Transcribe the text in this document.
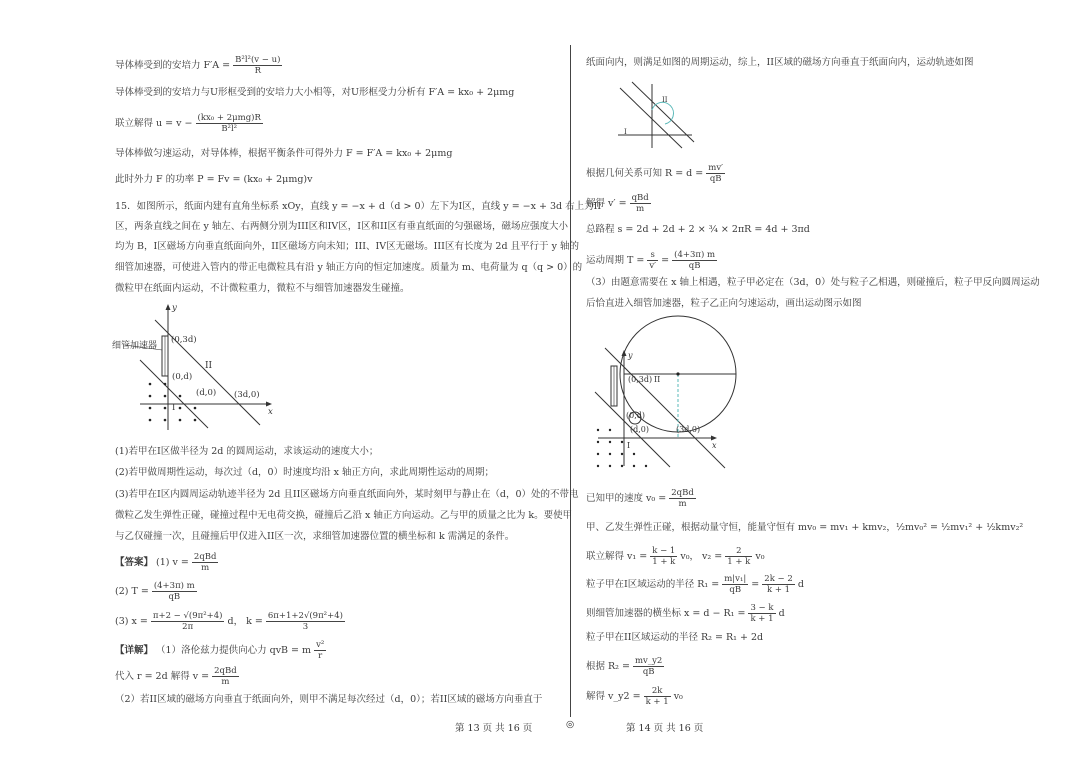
导体棒受到的安培力 $F'A = \frac{\text{B²l²(v − u)}}{R}$
导体棒受到的安培力与U形框受到的安培力大小相等，对U形框受力分析有 F′A = kx₀ + 2μmg
联立解得 $u = v - \frac{\text{(kx₀ + 2μmg)R}}{\text{B²l²}}$
导体棒做匀速运动，对导体棒，根据平衡条件可得外力 F = F′A = kx₀ + 2μmg
此时外力 F 的功率 P = Fv = (kx₀ + 2μmg)v
15．如图所示，纸面内建有直角坐标系 xOy，直线 y = −x + d（d > 0）左下为I区，直线 y = −x + 3d 右上为II
区，两条直线之间在 y 轴左、右两侧分别为III区和IV区，I区和II区有垂直纸面的匀强磁场，磁场应强度大小
均为 B，I区磁场方向垂直纸面向外，II区磁场方向未知；III、IV区无磁场。III区有长度为 2d 且平行于 y 轴的
细管加速器，可使进入管内的带正电微粒具有沿 y 轴正方向的恒定加速度。质量为 m、电荷量为 q（q > 0）的
微粒甲在纸面内运动，不计微粒重力，微粒不与细管加速器发生碰撞。
细管加速器
(0,3d)
II
(0,d)
(d,0) (3d,0)
y
x
I
(1)若甲在I区做半径为 2d 的圆周运动，求该运动的速度大小；
(2)若甲做周期性运动，每次过（d，0）时速度均沿 x 轴正方向，求此周期性运动的周期；
(3)若甲在I区内圆周运动轨迹半径为 2d 且II区磁场方向垂直纸面向外，某时刻甲与静止在（d，0）处的不带电
微粒乙发生弹性正碰，碰撞过程中无电荷交换，碰撞后乙沿 x 轴正方向运动。乙与甲的质量之比为 k。要使甲
与乙仅碰撞一次，且碰撞后甲仅进入II区一次，求细管加速器位置的横坐标和 k 需满足的条件。
【答案】 (1) $v = \frac{\text{2qBd}}{m}$
(2) $T = \frac{(4+3\pi) m}{qB}$
(3) $x = \frac{\text{π+2 − √(9π²+4)}}{2\pi}$ d， $k = \frac{\text{6π+1+2√(9π²+4)}}{3}$
【详解】 （1）洛伦兹力提供向心力 qvB = m $\frac{\text{v²}}{r}$
代入 r = 2d 解得 $v = \frac{\text{2qBd}}{m}$
（2）若II区域的磁场方向垂直于纸面向外，则甲不满足每次经过（d，0）；若II区域的磁场方向垂直于
第 13 页 共 16 页	◎
纸面向内，则满足如图的周期运动，综上，II区域的磁场方向垂直于纸面向内，运动轨迹如图
II
I
根据几何关系可知 $R = d = \frac{mv'}{qB}$
解得 $v' = \frac{\text{qBd}}{m}$
总路程 s = 2d + 2d + 2 × ¾ × 2πR = 4d + 3πd
运动周期 $T = \frac{s}{v'} = \frac{(4+3\pi) m}{qB}$
（3）由题意需要在 x 轴上相遇，粒子甲必定在（3d，0）处与粒子乙相遇，则碰撞后，粒子甲反向圆周运动
后恰直进入细管加速器，粒子乙正向匀速运动，画出运动图示如图
(0,3d) II
(0,d)
(d,0)	(3d,0)
I
y
x
已知甲的速度 $v_0 = \frac{\text{2qBd}}{m}$
甲、乙发生弹性正碰，根据动量守恒，能量守恒有 mv₀ = mv₁ + kmv₂，½mv₀² = ½mv₁² + ½kmv₂²
联立解得 $v_1 = \frac{k - 1}{1 + k} v_0$， $v_2 = \frac{2}{1 + k} v_0$
粒子甲在I区域运动的半径 $R_1 = \frac{\text{m|v₁|}}{qB} = \frac{2k - 2}{k + 1}$ d
则细管加速器的横坐标 $x = d - R_1 = \frac{3 - k}{k + 1}$ d
粒子甲在II区域运动的半径 R₂ = R₁ + 2d
根据 $R_2 = \frac{mv\_y2}{qB}$
解得 v_y2 = $\frac{2k}{k + 1} v_0$
第 14 页 共 16 页
